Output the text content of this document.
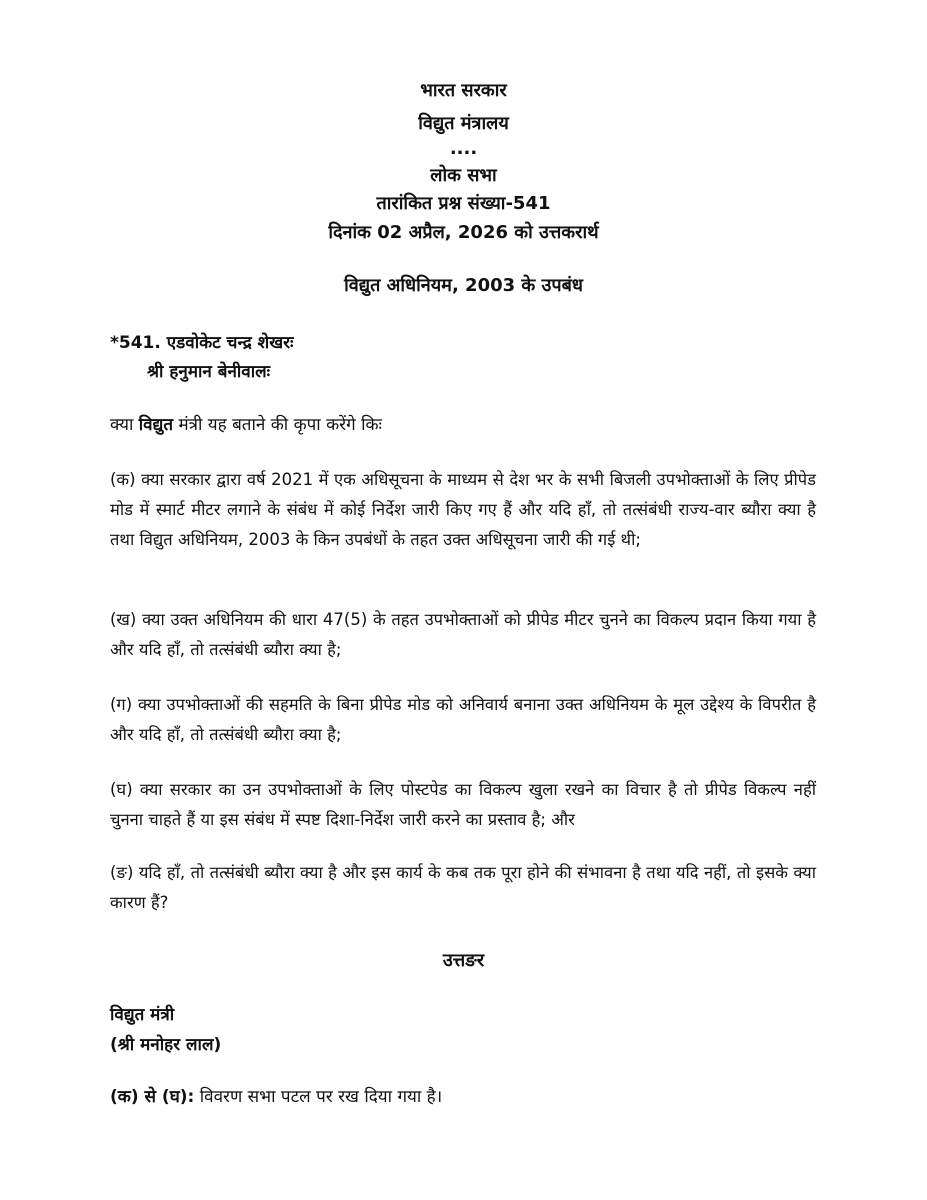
भारत सरकार
विद्युत मंत्रालय
....
लोक सभा
तारांकित प्रश्न संख्या-541
दिनांक 02 अप्रैल, 2026 को उत्तकरार्थ
विद्युत अधिनियम, 2003 के उपबंध
*541. एडवोकेट चन्द्र शेखरः
श्री हनुमान बेनीवालः
क्या विद्युत मंत्री यह बताने की कृपा करेंगे किः
(क) क्या सरकार द्वारा वर्ष 2021 में एक अधिसूचना के माध्यम से देश भर के सभी बिजली उपभोक्ताओं के लिए प्रीपेड मोड में स्मार्ट मीटर लगाने के संबंध में कोई निर्देश जारी किए गए हैं और यदि हाँ, तो तत्संबंधी राज्य-वार ब्यौरा क्या है तथा विद्युत अधिनियम, 2003 के किन उपबंधों के तहत उक्त अधिसूचना जारी की गई थी;
(ख) क्या उक्त अधिनियम की धारा 47(5) के तहत उपभोक्ताओं को प्रीपेड मीटर चुनने का विकल्प प्रदान किया गया है और यदि हाँ, तो तत्संबंधी ब्यौरा क्या है;
(ग) क्या उपभोक्ताओं की सहमति के बिना प्रीपेड मोड को अनिवार्य बनाना उक्त अधिनियम के मूल उद्देश्य के विपरीत है और यदि हाँ, तो तत्संबंधी ब्यौरा क्या है;
(घ) क्या सरकार का उन उपभोक्ताओं के लिए पोस्टपेड का विकल्प खुला रखने का विचार है तो प्रीपेड विकल्प नहीं चुनना चाहते हैं या इस संबंध में स्पष्ट दिशा-निर्देश जारी करने का प्रस्ताव है; और
(ङ) यदि हाँ, तो तत्संबंधी ब्यौरा क्या है और इस कार्य के कब तक पूरा होने की संभावना है तथा यदि नहीं, तो इसके क्या कारण हैं?
उत्तङर
विद्युत मंत्री
(श्री मनोहर लाल)
(क) से (घ): विवरण सभा पटल पर रख दिया गया है।
